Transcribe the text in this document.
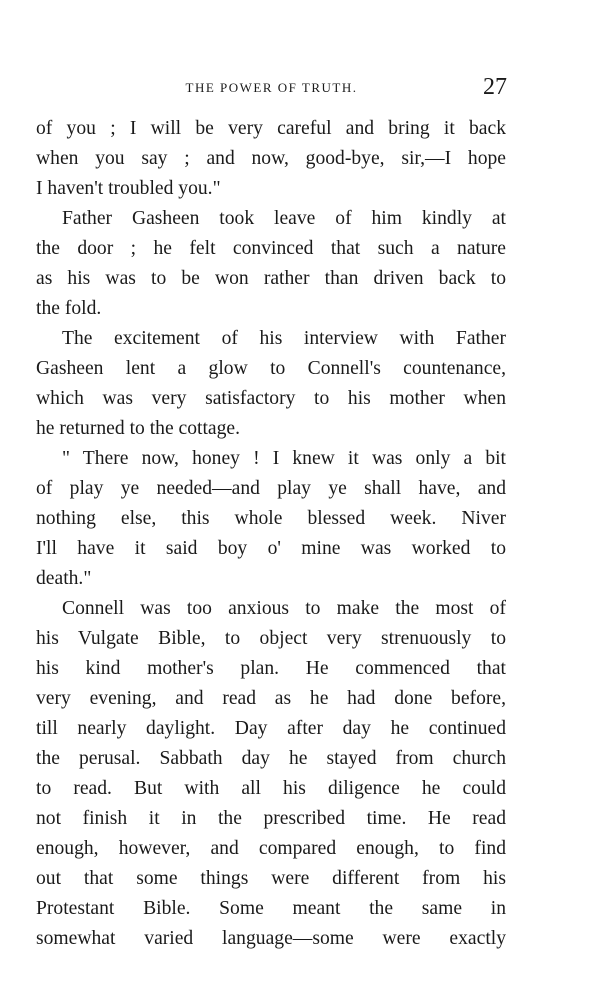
THE POWER OF TRUTH.	27
of you ; I will be very careful and bring it back
when you say ; and now, good-bye, sir,—I hope
I haven't troubled you."
Father Gasheen took leave of him kindly at
the door ; he felt convinced that such a nature
as his was to be won rather than driven back to
the fold.
The excitement of his interview with Father
Gasheen lent a glow to Connell's countenance,
which was very satisfactory to his mother when
he returned to the cottage.
" There now, honey ! I knew it was only a bit
of play ye needed—and play ye shall have, and
nothing else, this whole blessed week. Niver
I'll have it said boy o' mine was worked to
death."
Connell was too anxious to make the most of
his Vulgate Bible, to object very strenuously to
his kind mother's plan. He commenced that
very evening, and read as he had done before,
till nearly daylight. Day after day he continued
the perusal. Sabbath day he stayed from church
to read. But with all his diligence he could
not finish it in the prescribed time. He read
enough, however, and compared enough, to find
out that some things were different from his
Protestant Bible. Some meant the same in
somewhat varied language—some were exactly
